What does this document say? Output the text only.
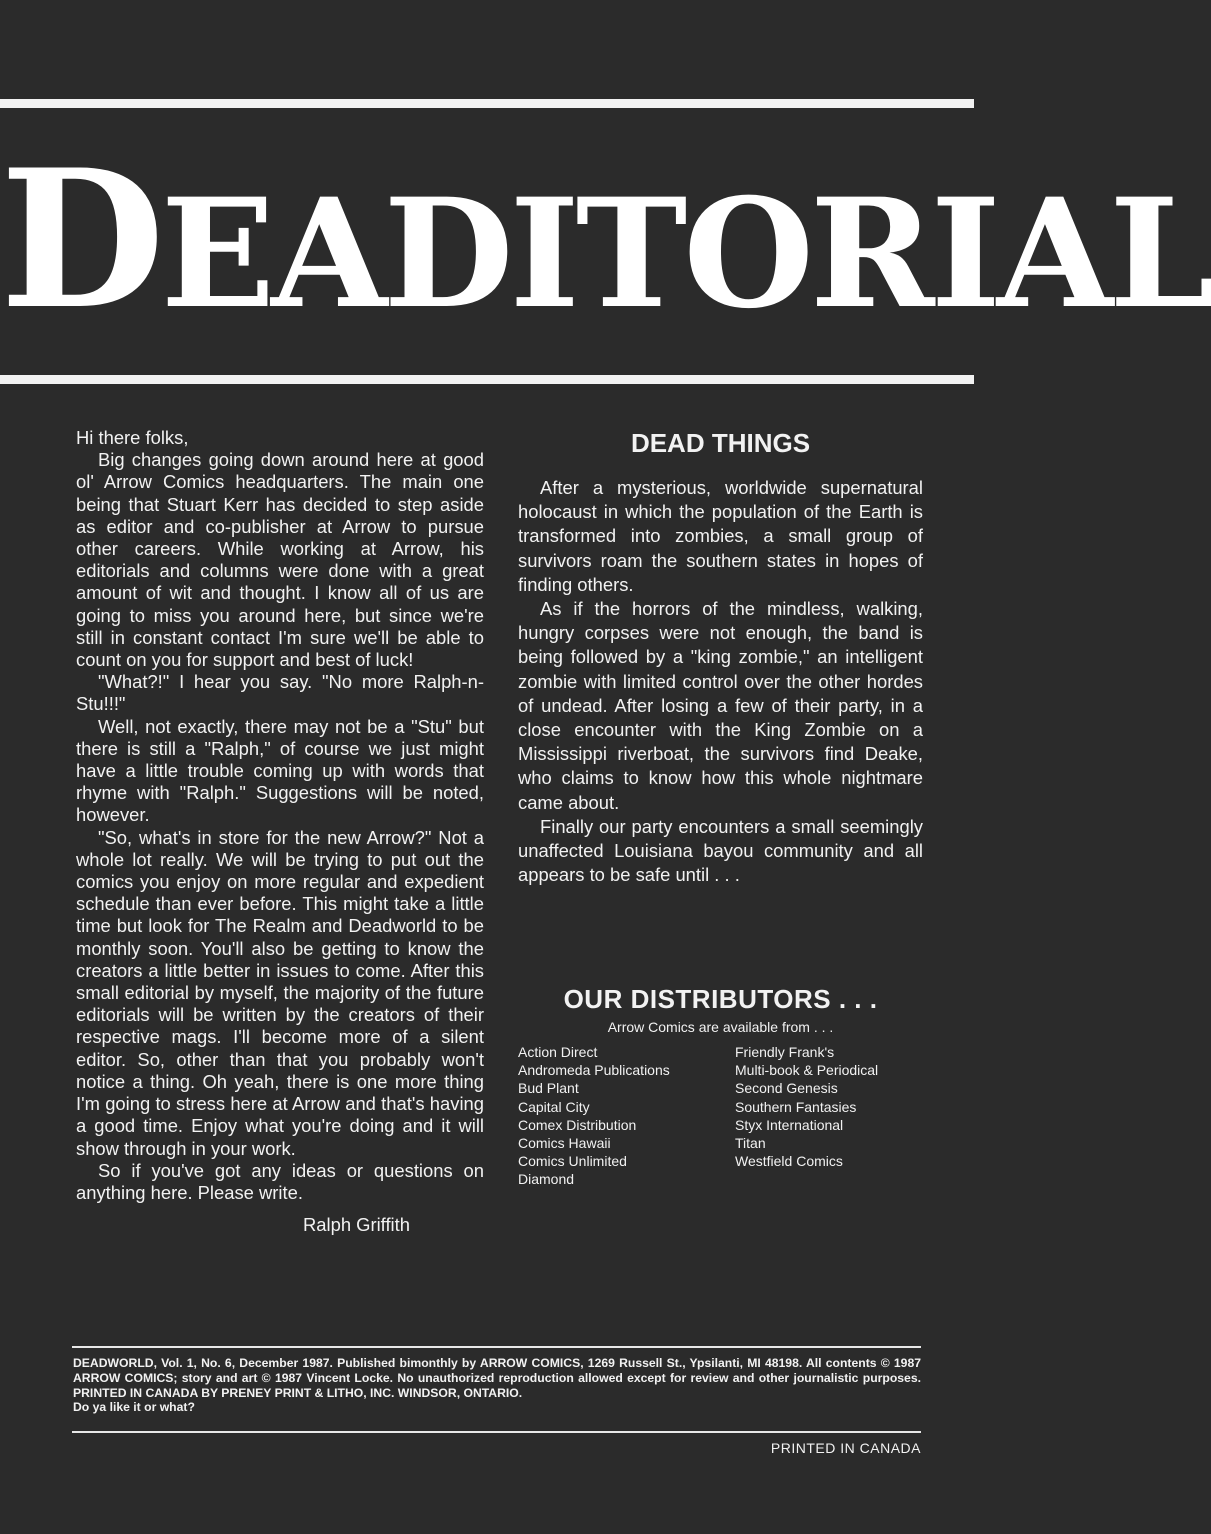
DEADITORIAL

Hi there folks,

Big changes going down around here at good ol' Arrow Comics headquarters. The main one being that Stuart Kerr has decided to step aside as editor and co-publisher at Arrow to pursue other careers. While working at Arrow, his editorials and columns were done with a great amount of wit and thought. I know all of us are going to miss you around here, but since we're still in constant contact I'm sure we'll be able to count on you for support and best of luck!

"What?!" I hear you say. "No more Ralph-n-Stu!!!"

Well, not exactly, there may not be a "Stu" but there is still a "Ralph," of course we just might have a little trouble coming up with words that rhyme with "Ralph." Suggestions will be noted, however.

"So, what's in store for the new Arrow?" Not a whole lot really. We will be trying to put out the comics you enjoy on more regular and expedient schedule than ever before. This might take a little time but look for The Realm and Deadworld to be monthly soon. You'll also be getting to know the creators a little better in issues to come. After this small editorial by myself, the majority of the future editorials will be written by the creators of their respective mags. I'll become more of a silent editor. So, other than that you probably won't notice a thing. Oh yeah, there is one more thing I'm going to stress here at Arrow and that's having a good time. Enjoy what you're doing and it will show through in your work.

So if you've got any ideas or questions on anything here. Please write.

Ralph Griffith
DEAD THINGS

After a mysterious, worldwide supernatural holocaust in which the population of the Earth is transformed into zombies, a small group of survivors roam the southern states in hopes of finding others.

As if the horrors of the mindless, walking, hungry corpses were not enough, the band is being followed by a "king zombie," an intelligent zombie with limited control over the other hordes of undead. After losing a few of their party, in a close encounter with the King Zombie on a Mississippi riverboat, the survivors find Deake, who claims to know how this whole nightmare came about.

Finally our party encounters a small seemingly unaffected Louisiana bayou community and all appears to be safe until . . .

OUR DISTRIBUTORS . . .
Arrow Comics are available from . . .
Action Direct
Andromeda Publications
Bud Plant
Capital City
Comex Distribution
Comics Hawaii
Comics Unlimited
Diamond
Friendly Frank's
Multi-book & Periodical
Second Genesis
Southern Fantasies
Styx International
Titan
Westfield Comics

DEADWORLD, Vol. 1, No. 6, December 1987. Published bimonthly by ARROW COMICS, 1269 Russell St., Ypsilanti, MI 48198. All contents © 1987 ARROW COMICS; story and art © 1987 Vincent Locke. No unauthorized reproduction allowed except for review and other journalistic purposes. PRINTED IN CANADA BY PRENEY PRINT & LITHO, INC. WINDSOR, ONTARIO.
Do ya like it or what?

PRINTED IN CANADA
